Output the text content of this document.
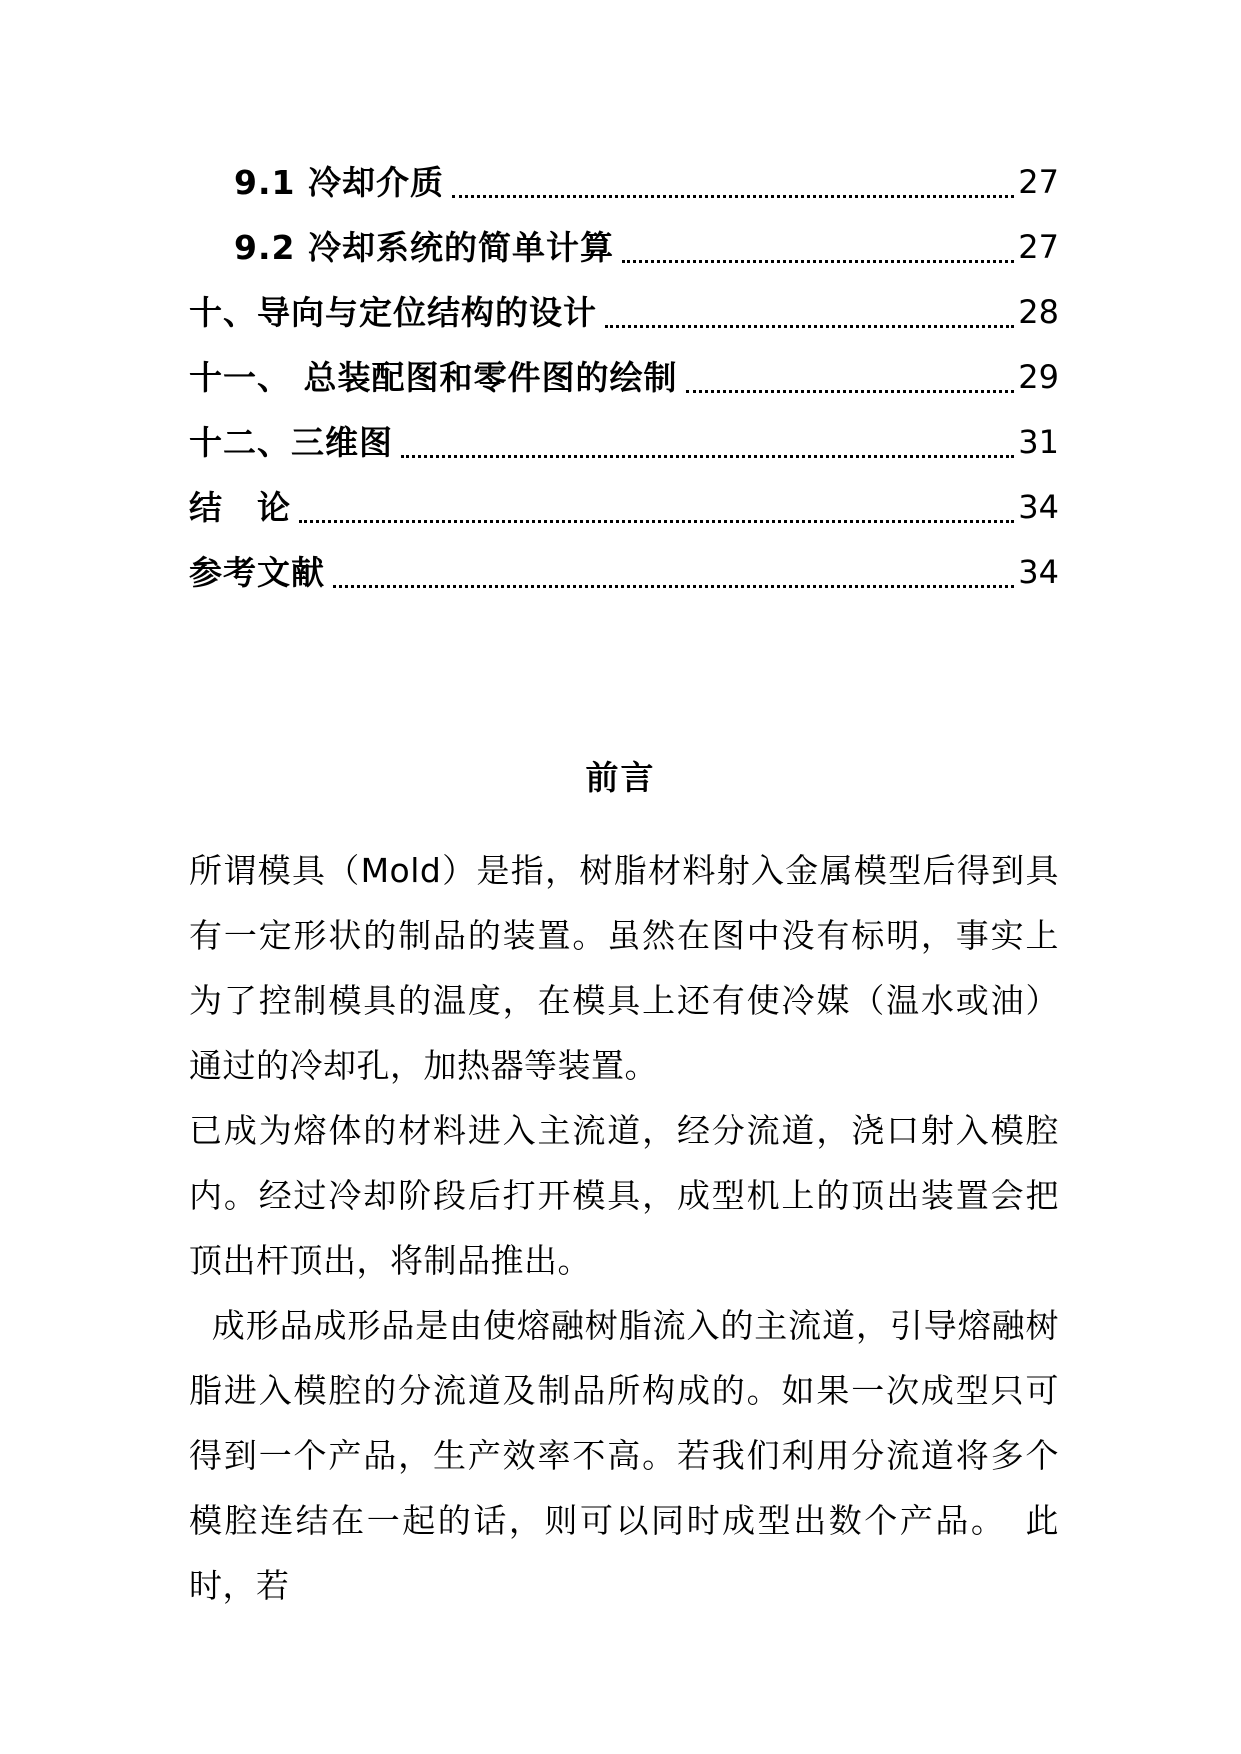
9.1 冷却介质	27
9.2 冷却系统的简单计算	27
十、导向与定位结构的设计	28
十一、 总装配图和零件图的绘制	29
十二、三维图	31
结　论	34
参考文献	34
前言

所谓模具（Mold）是指，树脂材料射入金属模型后得到具有一定形状的制品的装置。虽然在图中没有标明，事实上为了控制模具的温度，在模具上还有使冷媒（温水或油）通过的冷却孔，加热器等装置。

已成为熔体的材料进入主流道，经分流道，浇口射入模腔内。经过冷却阶段后打开模具，成型机上的顶出装置会把顶出杆顶出，将制品推出。

成形品成形品是由使熔融树脂流入的主流道，引导熔融树脂进入模腔的分流道及制品所构成的。如果一次成型只可得到一个产品，生产效率不高。若我们利用分流道将多个模腔连结在一起的话，则可以同时成型出数个产品。　此时，若
